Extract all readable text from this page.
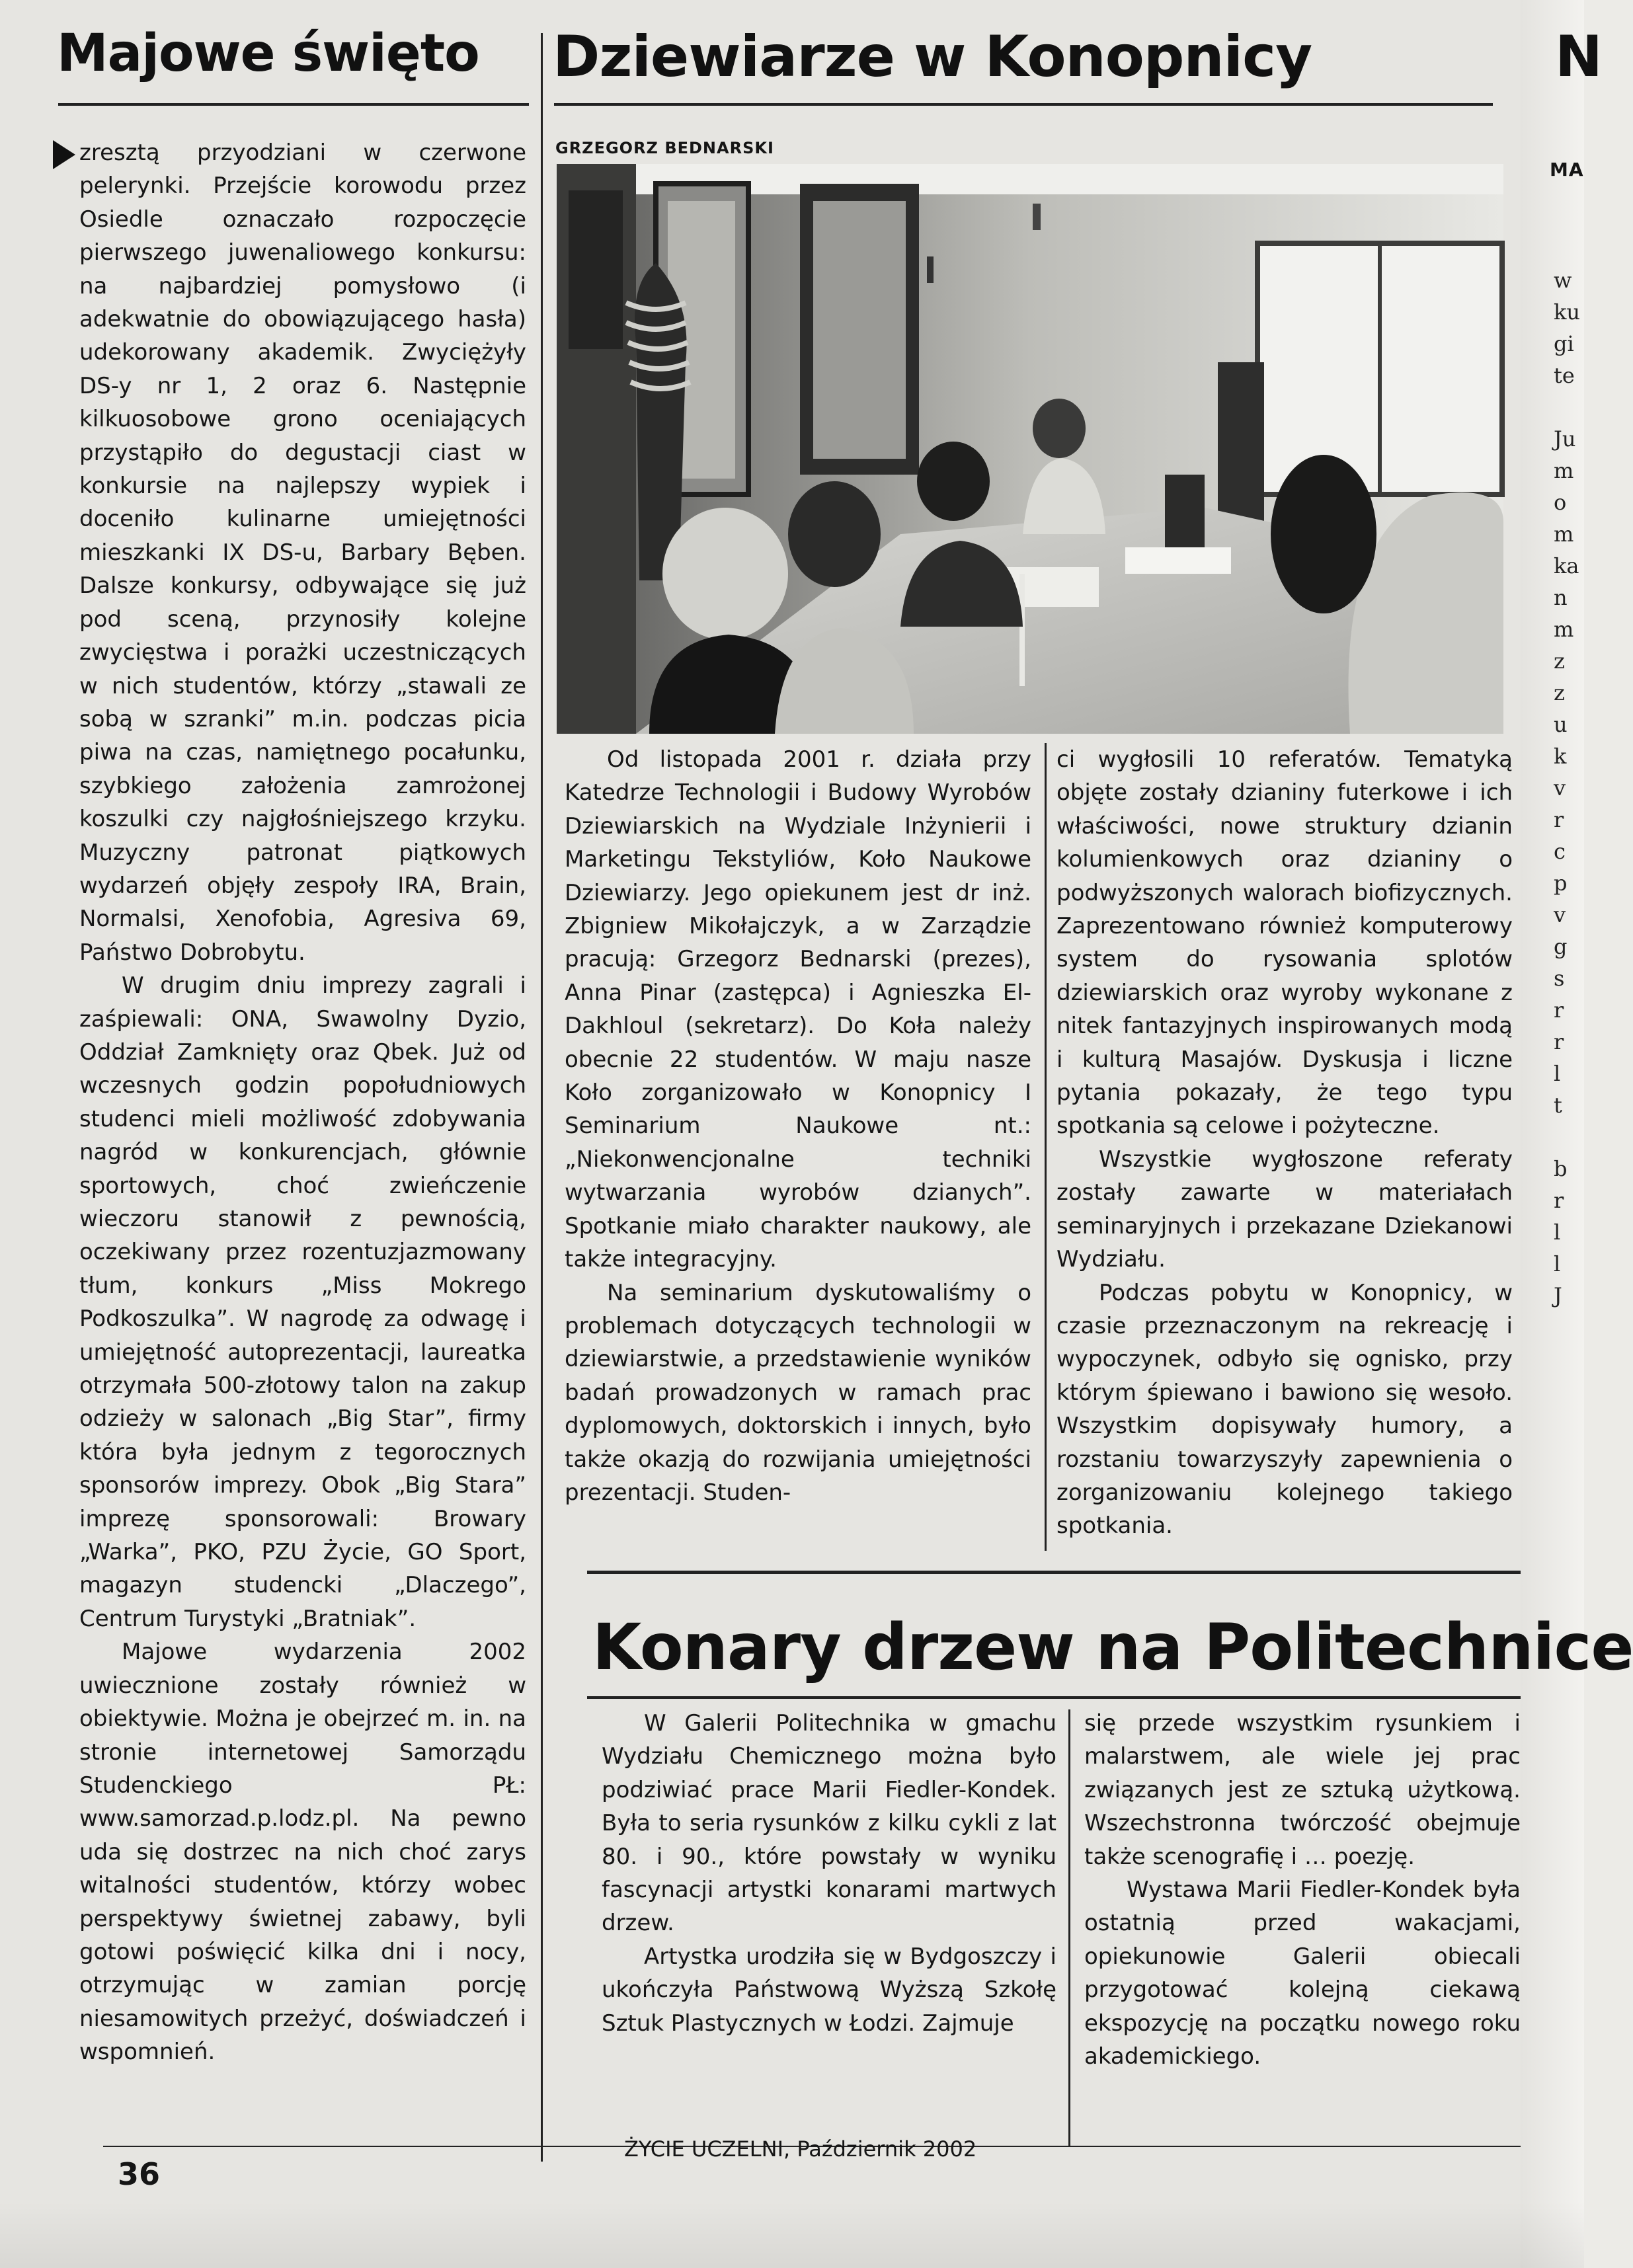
Majowe święto

zresztą przyodziani w czerwone pelerynki. Przejście korowodu przez Osiedle oznaczało rozpoczęcie pierwszego juwenaliowego konkursu: na najbardziej pomysłowo (i adekwatnie do obowiązującego hasła) udekorowany akademik. Zwyciężyły DS-y nr 1, 2 oraz 6. Następnie kilkuosobowe grono oceniających przystąpiło do degustacji ciast w konkursie na najlepszy wypiek i doceniło kulinarne umiejętności mieszkanki IX DS-u, Barbary Bęben. Dalsze konkursy, odbywające się już pod sceną, przynosiły kolejne zwycięstwa i porażki uczestniczących w nich studentów, którzy „stawali ze sobą w szranki” m.in. podczas picia piwa na czas, namiętnego pocałunku, szybkiego założenia zamrożonej koszulki czy najgłośniejszego krzyku. Muzyczny patronat piątkowych wydarzeń objęły zespoły IRA, Brain, Normalsi, Xenofobia, Agresiva 69, Państwo Dobrobytu.

W drugim dniu imprezy zagrali i zaśpiewali: ONA, Swawolny Dyzio, Oddział Zamknięty oraz Qbek. Już od wczesnych godzin popołudniowych studenci mieli możliwość zdobywania nagród w konkurencjach, głównie sportowych, choć zwieńczenie wieczoru stanowił z pewnością, oczekiwany przez rozentuzjazmowany tłum, konkurs „Miss Mokrego Podkoszulka”. W nagrodę za odwagę i umiejętność autoprezentacji, laureatka otrzymała 500-złotowy talon na zakup odzieży w salonach „Big Star”, firmy która była jednym z tegorocznych sponsorów imprezy. Obok „Big Stara” imprezę sponsorowali: Browary „Warka”, PKO, PZU Życie, GO Sport, magazyn studencki „Dlaczego”, Centrum Turystyki „Bratniak”.

Majowe wydarzenia 2002 uwiecznione zostały również w obiektywie. Można je obejrzeć m. in. na stronie internetowej Samorządu Studenckiego PŁ: www.samorzad.p.lodz.pl. Na pewno uda się dostrzec na nich choć zarys witalności studentów, którzy wobec perspektywy świetnej zabawy, byli gotowi poświęcić kilka dni i nocy, otrzymując w zamian porcję niesamowitych przeżyć, doświadczeń i wspomnień.

Dziewiarze w Konopnicy
GRZEGORZ BEDNARSKI

Od listopada 2001 r. działa przy Katedrze Technologii i Budowy Wyrobów Dziewiarskich na Wydziale Inżynierii i Marketingu Tekstyliów, Koło Naukowe Dziewiarzy. Jego opiekunem jest dr inż. Zbigniew Mikołajczyk, a w Zarządzie pracują: Grzegorz Bednarski (prezes), Anna Pinar (zastępca) i Agnieszka El-Dakhloul (sekretarz). Do Koła należy obecnie 22 studentów. W maju nasze Koło zorganizowało w Konopnicy I Seminarium Naukowe nt.: „Niekonwencjonalne techniki wytwarzania wyrobów dzianych”. Spotkanie miało charakter naukowy, ale także integracyjny.

Na seminarium dyskutowaliśmy o problemach dotyczących technologii w dziewiarstwie, a przedstawienie wyników badań prowadzonych w ramach prac dyplomowych, doktorskich i innych, było także okazją do rozwijania umiejętności prezentacji. Studen-

ci wygłosili 10 referatów. Tematyką objęte zostały dzianiny futerkowe i ich właściwości, nowe struktury dzianin kolumienkowych oraz dzianiny o podwyższonych walorach biofizycznych. Zaprezentowano również komputerowy system do rysowania splotów dziewiarskich oraz wyroby wykonane z nitek fantazyjnych inspirowanych modą i kulturą Masajów. Dyskusja i liczne pytania pokazały, że tego typu spotkania są celowe i pożyteczne.

Wszystkie wygłoszone referaty zostały zawarte w materiałach seminaryjnych i przekazane Dziekanowi Wydziału.

Podczas pobytu w Konopnicy, w czasie przeznaczonym na rekreację i wypoczynek, odbyło się ognisko, przy którym śpiewano i bawiono się wesoło. Wszystkim dopisywały humory, a rozstaniu towarzyszyły zapewnienia o zorganizowaniu kolejnego takiego spotkania.

Konary drzew na Politechnice

W Galerii Politechnika w gmachu Wydziału Chemicznego można było podziwiać prace Marii Fiedler-Kondek. Była to seria rysunków z kilku cykli z lat 80. i 90., które powstały w wyniku fascynacji artystki konarami martwych drzew.

Artystka urodziła się w Bydgoszczy i ukończyła Państwową Wyższą Szkołę Sztuk Plastycznych w Łodzi. Zajmuje

się przede wszystkim rysunkiem i malarstwem, ale wiele jej prac związanych jest ze sztuką użytkową. Wszechstronna twórczość obejmuje także scenografię i … poezję.

Wystawa Marii Fiedler-Kondek była ostatnią przed wakacjami, opiekunowie Galerii obiecali przygotować kolejną ciekawą ekspozycję na początku nowego roku akademickiego.

N
MA
w
ku
gi
te

Ju
m
o
m
ka
n
m
z
z
u
k
v
r
c
p
v
g
s
r
r
l
t

b
r
l
l
J
36
ŻYCIE UCZELNI, Październik 2002
